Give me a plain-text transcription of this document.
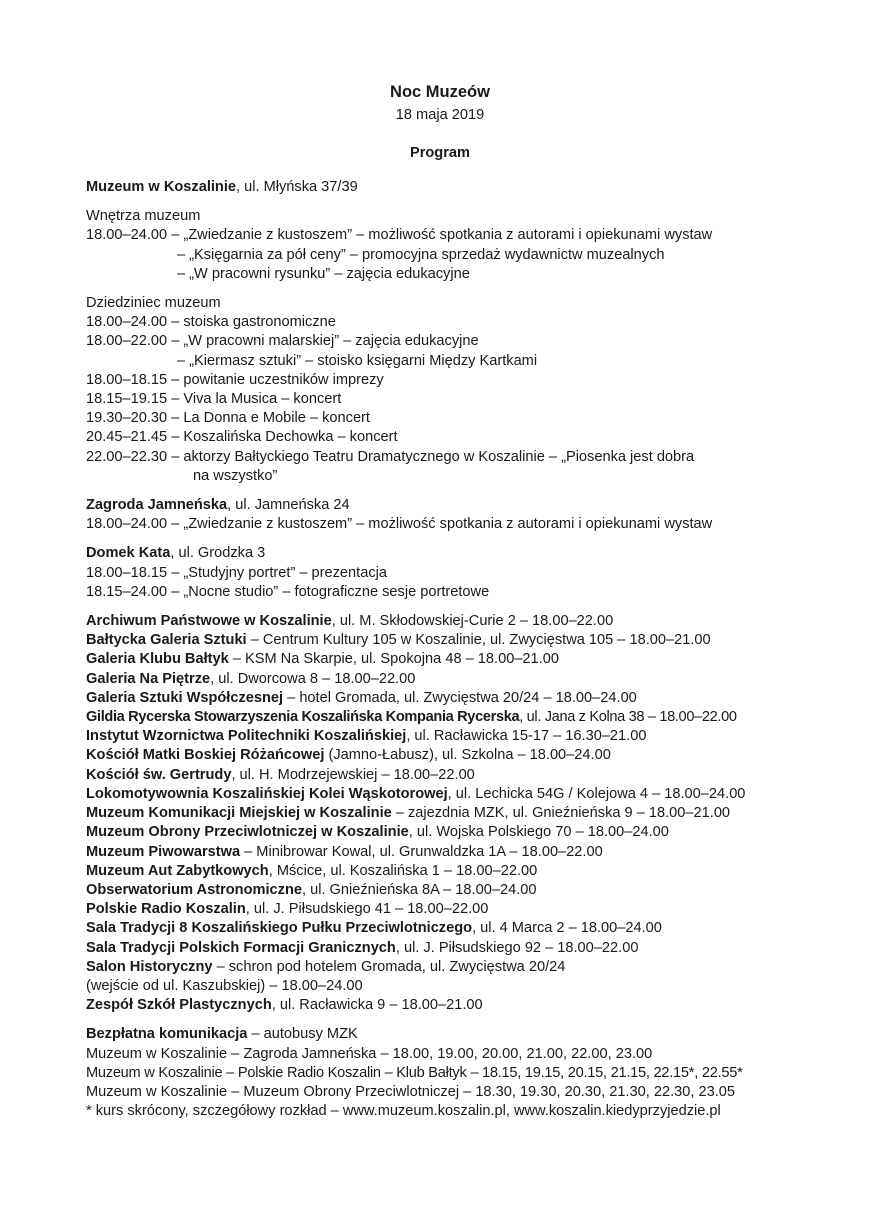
Noc Muzeów
18 maja 2019
Program
Muzeum w Koszalinie, ul. Młyńska 37/39
Wnętrza muzeum
18.00–24.00 – „Zwiedzanie z kustoszem” – możliwość spotkania z autorami i opiekunami wystaw
– „Księgarnia za pół ceny” – promocyjna sprzedaż wydawnictw muzealnych
– „W pracowni rysunku” – zajęcia edukacyjne
Dziedziniec muzeum
18.00–24.00 – stoiska gastronomiczne
18.00–22.00 – „W pracowni malarskiej” – zajęcia edukacyjne
– „Kiermasz sztuki” – stoisko księgarni Między Kartkami
18.00–18.15 – powitanie uczestników imprezy
18.15–19.15 – Viva la Musica – koncert
19.30–20.30 – La Donna e Mobile – koncert
20.45–21.45 – Koszalińska Dechowka – koncert
22.00–22.30 – aktorzy Bałtyckiego Teatru Dramatycznego w Koszalinie – „Piosenka jest dobra
na wszystko”
Zagroda Jamneńska, ul. Jamneńska 24
18.00–24.00 – „Zwiedzanie z kustoszem” – możliwość spotkania z autorami i opiekunami wystaw
Domek Kata, ul. Grodzka 3
18.00–18.15 – „Studyjny portret” – prezentacja
18.15–24.00 – „Nocne studio” – fotograficzne sesje portretowe
Archiwum Państwowe w Koszalinie, ul. M. Skłodowskiej-Curie 2 – 18.00–22.00
Bałtycka Galeria Sztuki – Centrum Kultury 105 w Koszalinie, ul. Zwycięstwa 105 – 18.00–21.00
Galeria Klubu Bałtyk – KSM Na Skarpie, ul. Spokojna 48 – 18.00–21.00
Galeria Na Piętrze, ul. Dworcowa 8 – 18.00–22.00
Galeria Sztuki Współczesnej – hotel Gromada, ul. Zwycięstwa 20/24 – 18.00–24.00
Gildia Rycerska Stowarzyszenia Koszalińska Kompania Rycerska, ul. Jana z Kolna 38 – 18.00–22.00
Instytut Wzornictwa Politechniki Koszalińskiej, ul. Racławicka 15-17 – 16.30–21.00
Kościół Matki Boskiej Różańcowej (Jamno-Łabusz), ul. Szkolna – 18.00–24.00
Kościół św. Gertrudy, ul. H. Modrzejewskiej – 18.00–22.00
Lokomotywownia Koszalińskiej Kolei Wąskotorowej, ul. Lechicka 54G / Kolejowa 4 – 18.00–24.00
Muzeum Komunikacji Miejskiej w Koszalinie – zajezdnia MZK, ul. Gnieźnieńska 9 – 18.00–21.00
Muzeum Obrony Przeciwlotniczej w Koszalinie, ul. Wojska Polskiego 70 – 18.00–24.00
Muzeum Piwowarstwa – Minibrowar Kowal, ul. Grunwaldzka 1A – 18.00–22.00
Muzeum Aut Zabytkowych, Mścice, ul. Koszalińska 1 – 18.00–22.00
Obserwatorium Astronomiczne, ul. Gnieźnieńska 8A – 18.00–24.00
Polskie Radio Koszalin, ul. J. Piłsudskiego 41 – 18.00–22.00
Sala Tradycji 8 Koszalińskiego Pułku Przeciwlotniczego, ul. 4 Marca 2 – 18.00–24.00
Sala Tradycji Polskich Formacji Granicznych, ul. J. Piłsudskiego 92 – 18.00–22.00
Salon Historyczny – schron pod hotelem Gromada, ul. Zwycięstwa 20/24
(wejście od ul. Kaszubskiej) – 18.00–24.00
Zespół Szkół Plastycznych, ul. Racławicka 9 – 18.00–21.00
Bezpłatna komunikacja – autobusy MZK
Muzeum w Koszalinie – Zagroda Jamneńska – 18.00, 19.00, 20.00, 21.00, 22.00, 23.00
Muzeum w Koszalinie – Polskie Radio Koszalin – Klub Bałtyk – 18.15, 19.15, 20.15, 21.15, 22.15*, 22.55*
Muzeum w Koszalinie – Muzeum Obrony Przeciwlotniczej – 18.30, 19.30, 20.30, 21.30, 22.30, 23.05
* kurs skrócony, szczegółowy rozkład – www.muzeum.koszalin.pl, www.koszalin.kiedyprzyjedzie.pl
